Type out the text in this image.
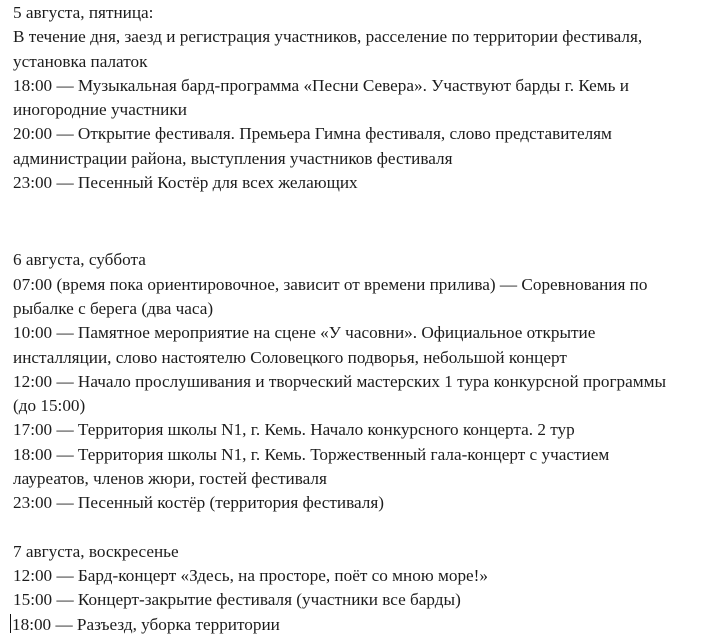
5 августа, пятница:
В течение дня, заезд и регистрация участников, расселение по территории фестиваля,
установка палаток
18:00 — Музыкальная бард-программа «Песни Севера». Участвуют барды г. Кемь и
иногородние участники
20:00 — Открытие фестиваля. Премьера Гимна фестиваля, слово представителям
администрации района, выступления участников фестиваля
23:00 — Песенный Костёр для всех желающих
6 августа, суббота
07:00 (время пока ориентировочное, зависит от времени прилива) — Соревнования по
рыбалке с берега (два часа)
10:00 — Памятное мероприятие на сцене «У часовни». Официальное открытие
инсталляции, слово настоятелю Соловецкого подворья, небольшой концерт
12:00 — Начало прослушивания и творческий мастерских 1 тура конкурсной программы
(до 15:00)
17:00 — Территория школы N1, г. Кемь. Начало конкурсного концерта. 2 тур
18:00 — Территория школы N1, г. Кемь. Торжественный гала-концерт с участием
лауреатов, членов жюри, гостей фестиваля
23:00 — Песенный костёр (территория фестиваля)
7 августа, воскресенье
12:00 — Бард-концерт «Здесь, на просторе, поёт со мною море!»
15:00 — Концерт-закрытие фестиваля (участники все барды)
18:00 — Разъезд, уборка территории
